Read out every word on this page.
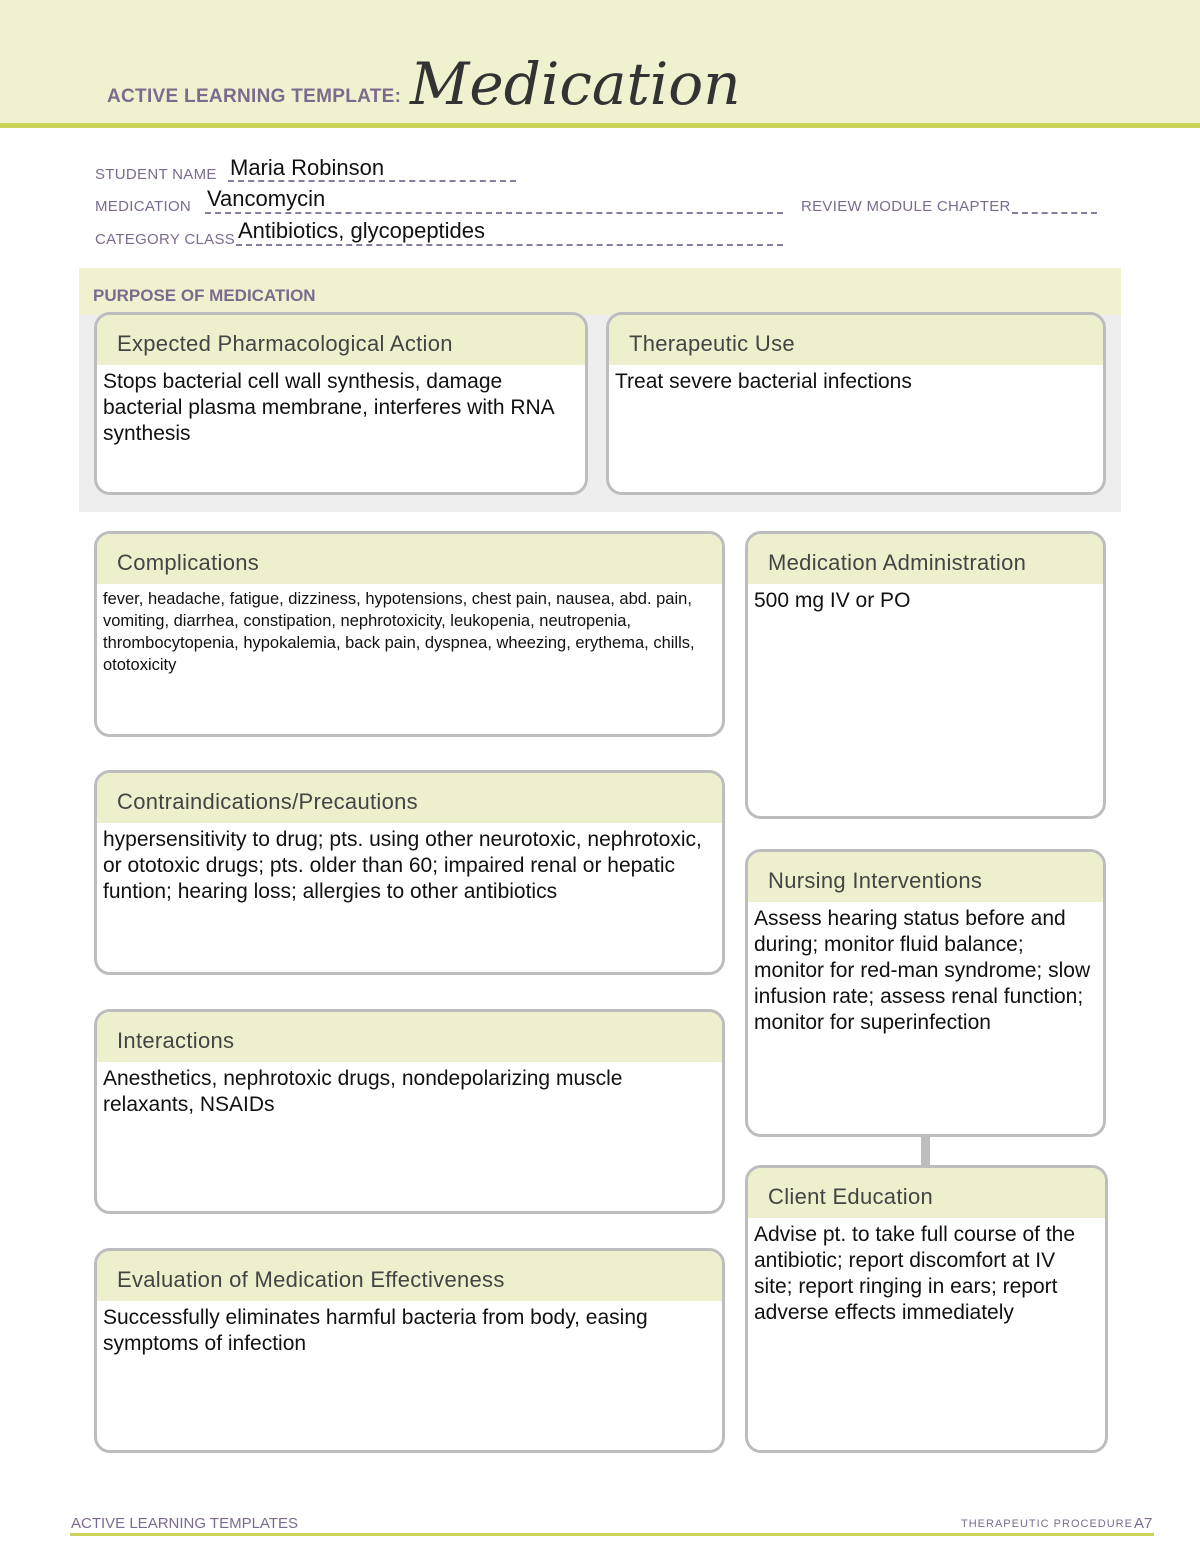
ACTIVE LEARNING TEMPLATE: Medication
STUDENT NAME Maria Robinson
MEDICATION Vancomycin	REVIEW MODULE CHAPTER
CATEGORY CLASS Antibiotics, glycopeptides
PURPOSE OF MEDICATION
Expected Pharmacological Action
Stops bacterial cell wall synthesis, damage bacterial plasma membrane, interferes with RNA synthesis
Therapeutic Use
Treat severe bacterial infections
Complications
fever, headache, fatigue, dizziness, hypotensions, chest pain, nausea, abd. pain, vomiting, diarrhea, constipation, nephrotoxicity, leukopenia, neutropenia, thrombocytopenia, hypokalemia, back pain, dyspnea, wheezing, erythema, chills, ototoxicity
Medication Administration
500 mg IV or PO
Contraindications/Precautions
hypersensitivity to drug; pts. using other neurotoxic, nephrotoxic, or ototoxic drugs; pts. older than 60; impaired renal or hepatic funtion; hearing loss; allergies to other antibiotics	Nursing Interventions
Assess hearing status before and during; monitor fluid balance; monitor for red-man syndrome; slow infusion rate; assess renal function; monitor for superinfection
Interactions
Anesthetics, nephrotoxic drugs, nondepolarizing muscle relaxants, NSAIDs
Client Education
Advise pt. to take full course of the antibiotic; report discomfort at IV site; report ringing in ears; report adverse effects immediately
Evaluation of Medication Effectiveness
Successfully eliminates harmful bacteria from body, easing symptoms of infection
ACTIVE LEARNING TEMPLATES	THERAPEUTIC PROCEDURE A7
